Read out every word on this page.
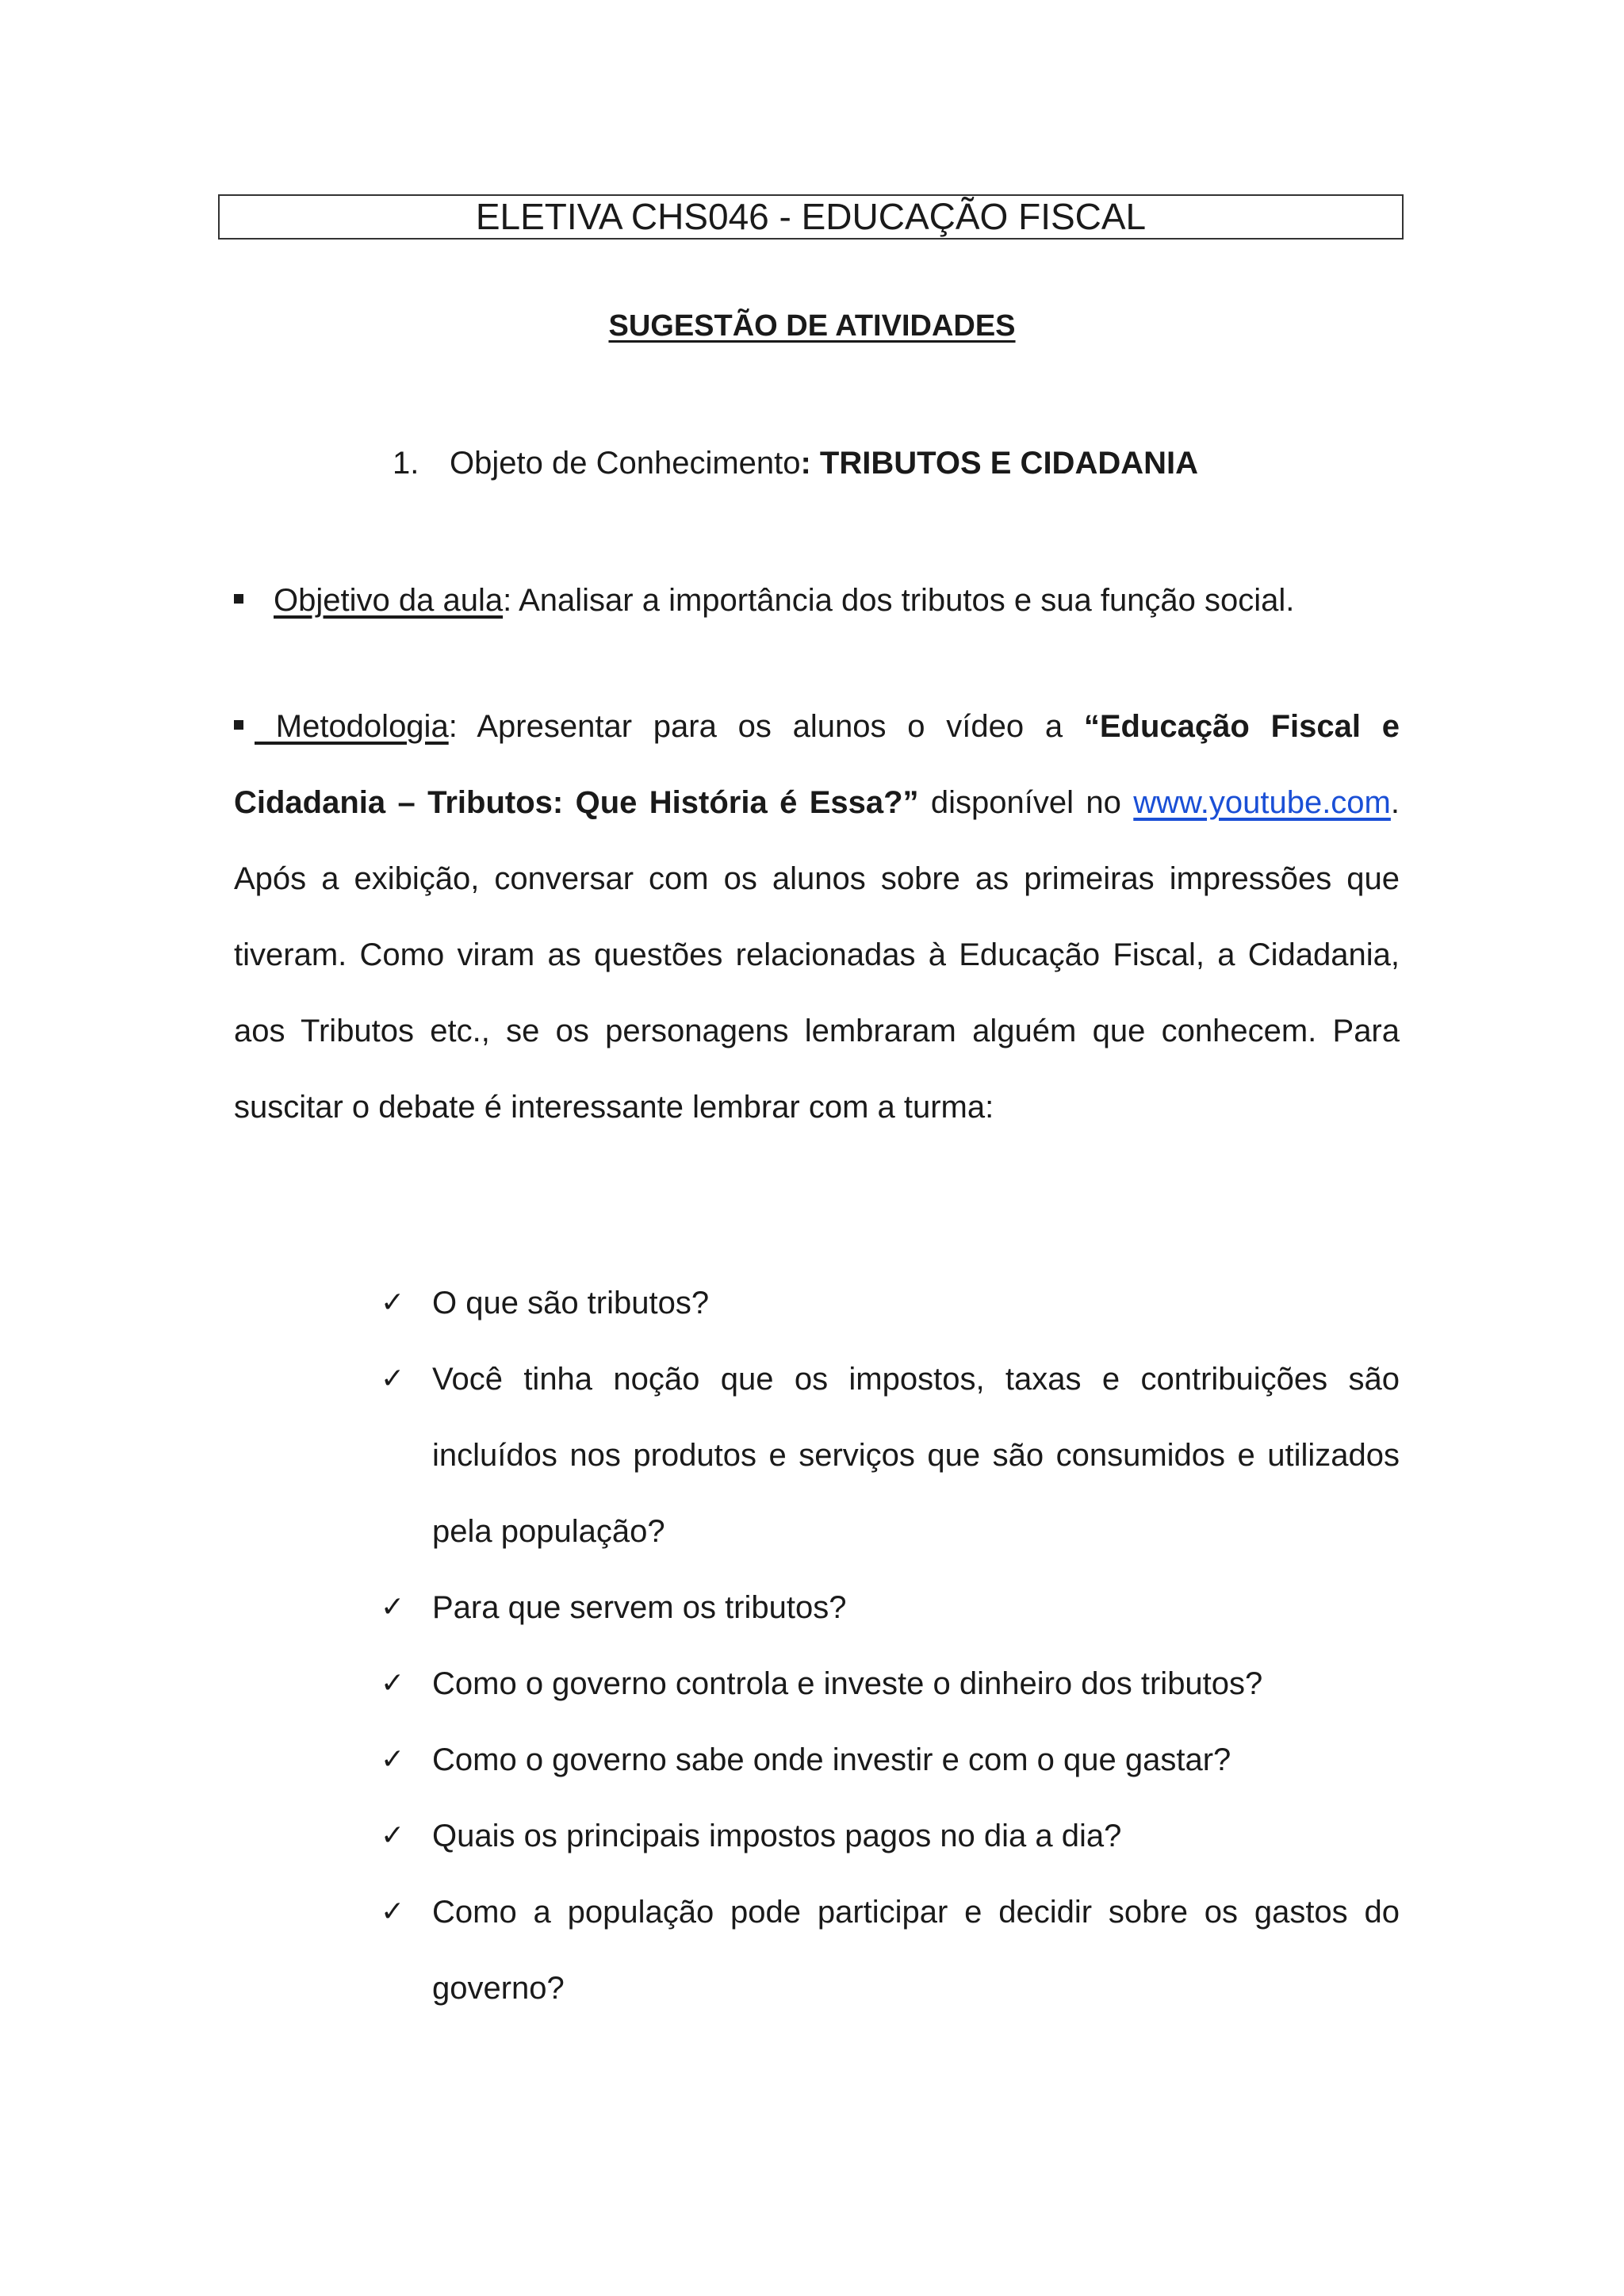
ELETIVA CHS046 - EDUCAÇÃO FISCAL
SUGESTÃO DE ATIVIDADES
1. Objeto de Conhecimento: TRIBUTOS E CIDADANIA
Objetivo da aula: Analisar a importância dos tributos e sua função social.
Metodologia: Apresentar para os alunos o vídeo a “Educação Fiscal e Cidadania – Tributos: Que História é Essa?” disponível no www.youtube.com. Após a exibição, conversar com os alunos sobre as primeiras impressões que tiveram. Como viram as questões relacionadas à Educação Fiscal, a Cidadania, aos Tributos etc., se os personagens lembraram alguém que conhecem. Para suscitar o debate é interessante lembrar com a turma:
✓ O que são tributos?
✓ Você tinha noção que os impostos, taxas e contribuições são incluídos nos produtos e serviços que são consumidos e utilizados pela população?
✓ Para que servem os tributos?
✓ Como o governo controla e investe o dinheiro dos tributos?
✓ Como o governo sabe onde investir e com o que gastar?
✓ Quais os principais impostos pagos no dia a dia?
✓ Como a população pode participar e decidir sobre os gastos do governo?
